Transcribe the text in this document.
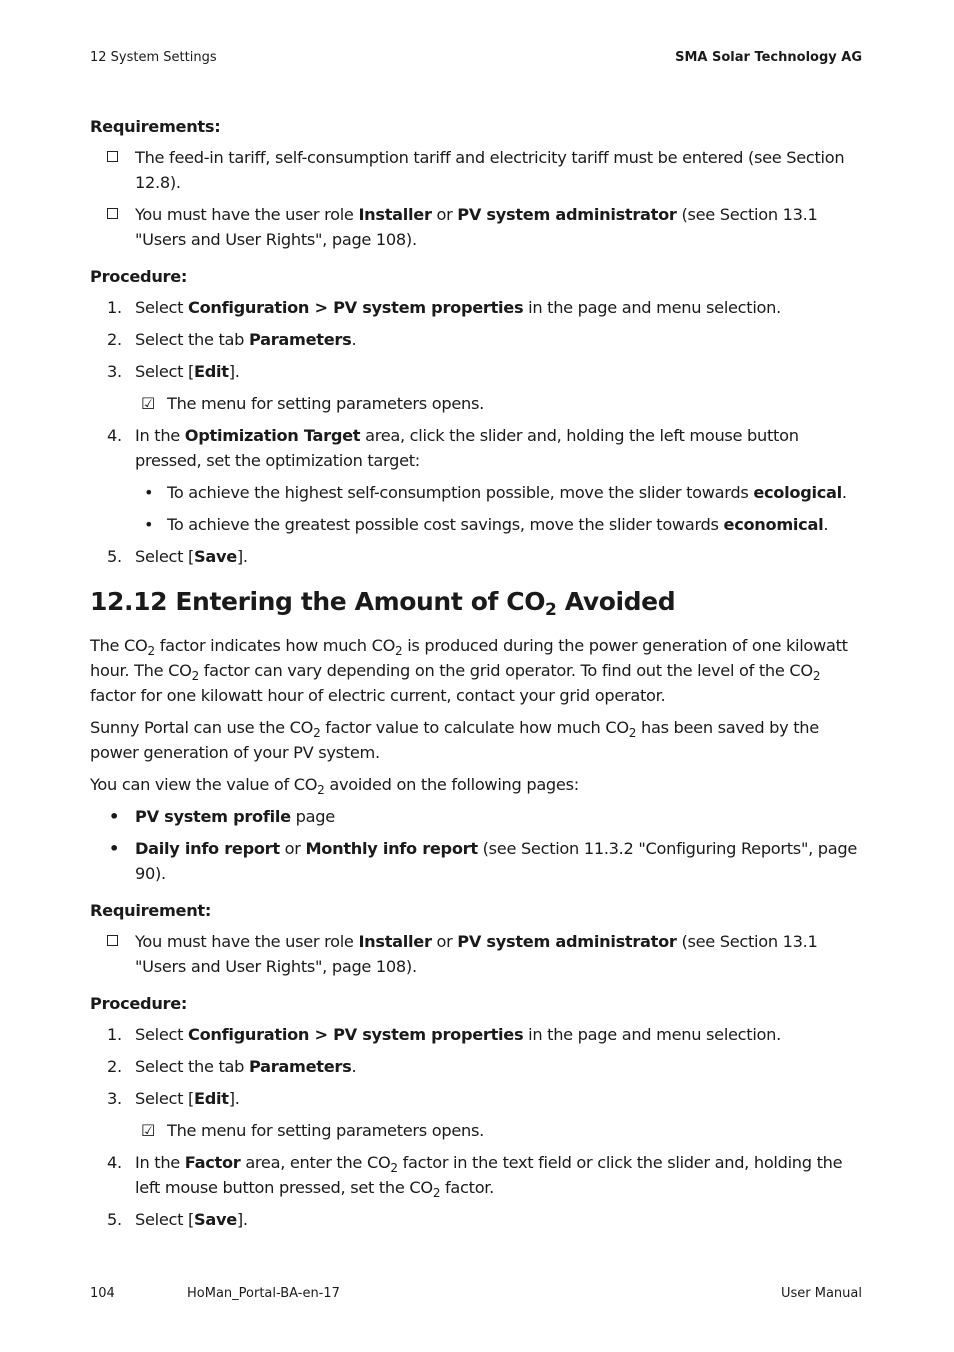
12 System Settings	SMA Solar Technology AG
Requirements:
The feed-in tariff, self-consumption tariff and electricity tariff must be entered (see Section 12.8).
You must have the user role Installer or PV system administrator (see Section 13.1 "Users and User Rights", page 108).
Procedure:
1. Select Configuration > PV system properties in the page and menu selection.
2. Select the tab Parameters.
3. Select [Edit].
☑ The menu for setting parameters opens.
4. In the Optimization Target area, click the slider and, holding the left mouse button pressed, set the optimization target:
• To achieve the highest self-consumption possible, move the slider towards ecological.
• To achieve the greatest possible cost savings, move the slider towards economical.
5. Select [Save].
12.12 Entering the Amount of $CO_2$ Avoided

The $CO_2$ factor indicates how much $CO_2$ is produced during the power generation of one kilowatt hour. The $CO_2$ factor can vary depending on the grid operator. To find out the level of the $CO_2$ factor for one kilowatt hour of electric current, contact your grid operator.

Sunny Portal can use the $CO_2$ factor value to calculate how much $CO_2$ has been saved by the power generation of your PV system.

You can view the value of $CO_2$ avoided on the following pages:

• PV system profile page
• Daily info report or Monthly info report (see Section 11.3.2 "Configuring Reports", page 90).
Requirement:
You must have the user role Installer or PV system administrator (see Section 13.1 "Users and User Rights", page 108).
Procedure:
1. Select Configuration > PV system properties in the page and menu selection.
2. Select the tab Parameters.
3. Select [Edit].
☑ The menu for setting parameters opens.
4. In the Factor area, enter the $CO_2$ factor in the text field or click the slider and, holding the left mouse button pressed, set the $CO_2$ factor.
5. Select [Save].
104	HoMan_Portal-BA-en-17	User Manual
